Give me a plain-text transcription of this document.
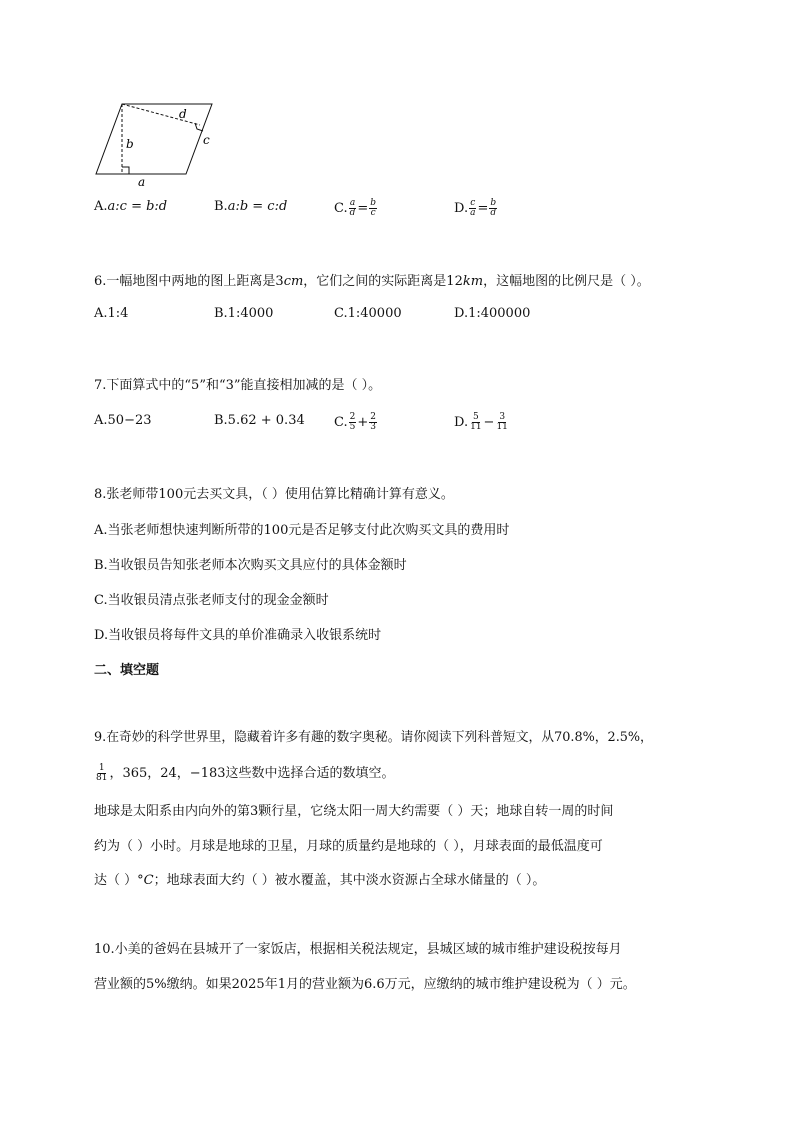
d
c
b
a
A.a:c = b:d	B.a:b = c:d	C. $\frac{a}{d} = \frac{b}{c}$	D. $\frac{c}{a} = \frac{b}{d}$
6.一幅地图中两地的图上距离是3cm，它们之间的实际距离是12km，这幅地图的比例尺是（ ）。
A.1:4	B.1:4000	C.1:40000	D.1:400000
7.下面算式中的“5”和“3”能直接相加减的是（ ）。
A.50−23	B.5.62 + 0.34	C. $\frac{2}{5} + \frac{2}{3}$	D. $\frac{5}{11} - \frac{3}{11}$
8.张老师带100元去买文具，（ ）使用估算比精确计算有意义。
A.当张老师想快速判断所带的100元是否足够支付此次购买文具的费用时
B.当收银员告知张老师本次购买文具应付的具体金额时
C.当收银员清点张老师支付的现金金额时
D.当收银员将每件文具的单价准确录入收银系统时
二、填空题
9.在奇妙的科学世界里，隐藏着许多有趣的数字奥秘。请你阅读下列科普短文，从70.8%，2.5%，
$\frac{1}{81}$ ，365，24，−183这些数中选择合适的数填空。
地球是太阳系由内向外的第3颗行星，它绕太阳一周大约需要（ ）天；地球自转一周的时间
约为（ ）小时。月球是地球的卫星，月球的质量约是地球的（ ），月球表面的最低温度可
达（ ）°C；地球表面大约（ ）被水覆盖，其中淡水资源占全球水储量的（ ）。
10.小美的爸妈在县城开了一家饭店，根据相关税法规定，县城区域的城市维护建设税按每月
营业额的5%缴纳。如果2025年1月的营业额为6.6万元，应缴纳的城市维护建设税为（ ）元。
